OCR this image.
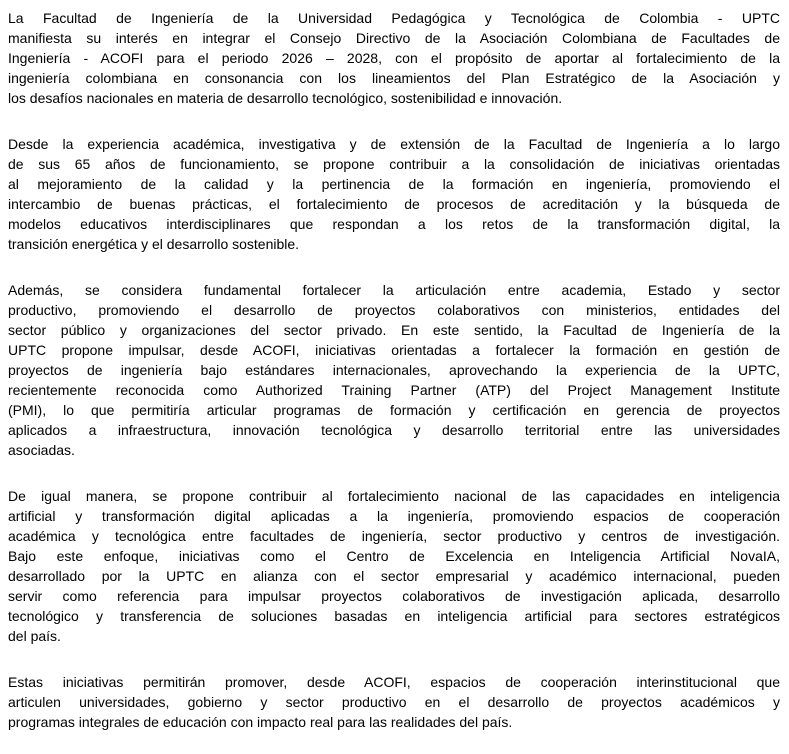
La Facultad de Ingeniería de la Universidad Pedagógica y Tecnológica de Colombia - UPTC
manifiesta su interés en integrar el Consejo Directivo de la Asociación Colombiana de Facultades de
Ingeniería - ACOFI para el periodo 2026 – 2028, con el propósito de aportar al fortalecimiento de la
ingeniería colombiana en consonancia con los lineamientos del Plan Estratégico de la Asociación y
los desafíos nacionales en materia de desarrollo tecnológico, sostenibilidad e innovación.
Desde la experiencia académica, investigativa y de extensión de la Facultad de Ingeniería a lo largo
de sus 65 años de funcionamiento, se propone contribuir a la consolidación de iniciativas orientadas
al mejoramiento de la calidad y la pertinencia de la formación en ingeniería, promoviendo el
intercambio de buenas prácticas, el fortalecimiento de procesos de acreditación y la búsqueda de
modelos educativos interdisciplinares que respondan a los retos de la transformación digital, la
transición energética y el desarrollo sostenible.
Además, se considera fundamental fortalecer la articulación entre academia, Estado y sector
productivo, promoviendo el desarrollo de proyectos colaborativos con ministerios, entidades del
sector público y organizaciones del sector privado. En este sentido, la Facultad de Ingeniería de la
UPTC propone impulsar, desde ACOFI, iniciativas orientadas a fortalecer la formación en gestión de
proyectos de ingeniería bajo estándares internacionales, aprovechando la experiencia de la UPTC,
recientemente reconocida como Authorized Training Partner (ATP) del Project Management Institute
(PMI), lo que permitiría articular programas de formación y certificación en gerencia de proyectos
aplicados a infraestructura, innovación tecnológica y desarrollo territorial entre las universidades
asociadas.
De igual manera, se propone contribuir al fortalecimiento nacional de las capacidades en inteligencia
artificial y transformación digital aplicadas a la ingeniería, promoviendo espacios de cooperación
académica y tecnológica entre facultades de ingeniería, sector productivo y centros de investigación.
Bajo este enfoque, iniciativas como el Centro de Excelencia en Inteligencia Artificial NovaIA,
desarrollado por la UPTC en alianza con el sector empresarial y académico internacional, pueden
servir como referencia para impulsar proyectos colaborativos de investigación aplicada, desarrollo
tecnológico y transferencia de soluciones basadas en inteligencia artificial para sectores estratégicos
del país.
Estas iniciativas permitirán promover, desde ACOFI, espacios de cooperación interinstitucional que
articulen universidades, gobierno y sector productivo en el desarrollo de proyectos académicos y
programas integrales de educación con impacto real para las realidades del país.
